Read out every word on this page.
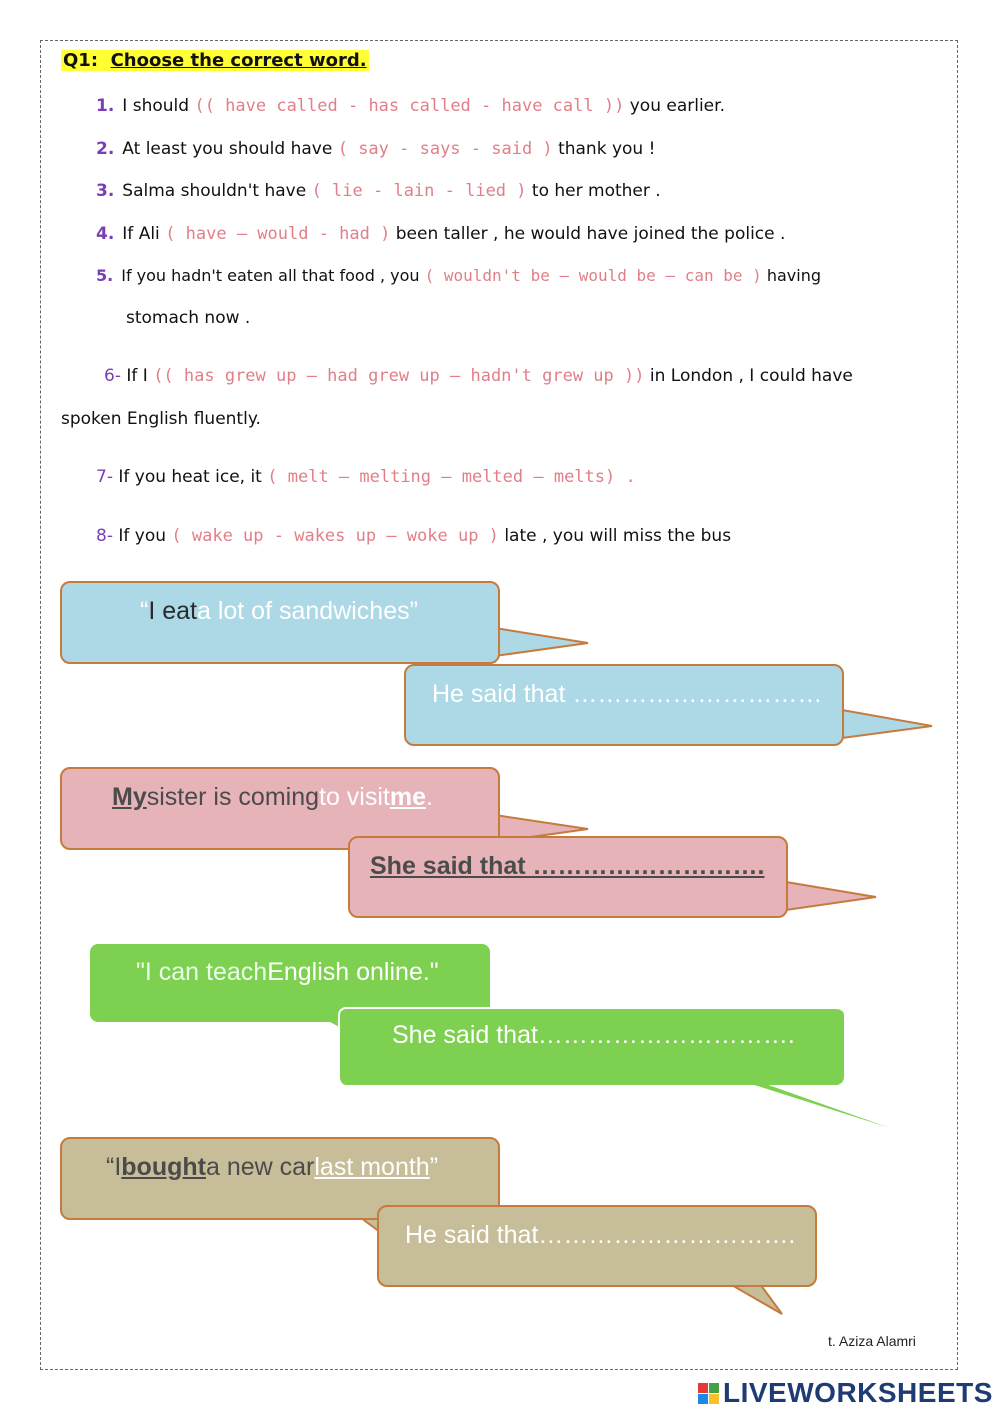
Q1: Choose the correct word.
1. I should (( have called - has called - have call )) you earlier.
2. At least you should have ( say - says - said ) thank you !
3. Salma shouldn't have ( lie - lain - lied ) to her mother .
4. If Ali ( have – would - had ) been taller , he would have joined the police .
5. If you hadn't eaten all that food , you ( wouldn't be – would be – can be ) having
stomach now .
6- If I (( has grew up – had grew up – hadn't grew up )) in London , I could have
spoken English fluently.
7- If you heat ice, it ( melt – melting – melted – melts) .
8- If you ( wake up - wakes up – woke up ) late , you will miss the bus
“ I eat a lot of sandwiches”
He said that …………………………
My sister is coming to visit me .
She said that ……………………….
"I can teach English online."
She said that………………………….
“I bought a new car last month ”
He said that………………………….
t. Aziza Alamri
LIVEWORKSHEETS
